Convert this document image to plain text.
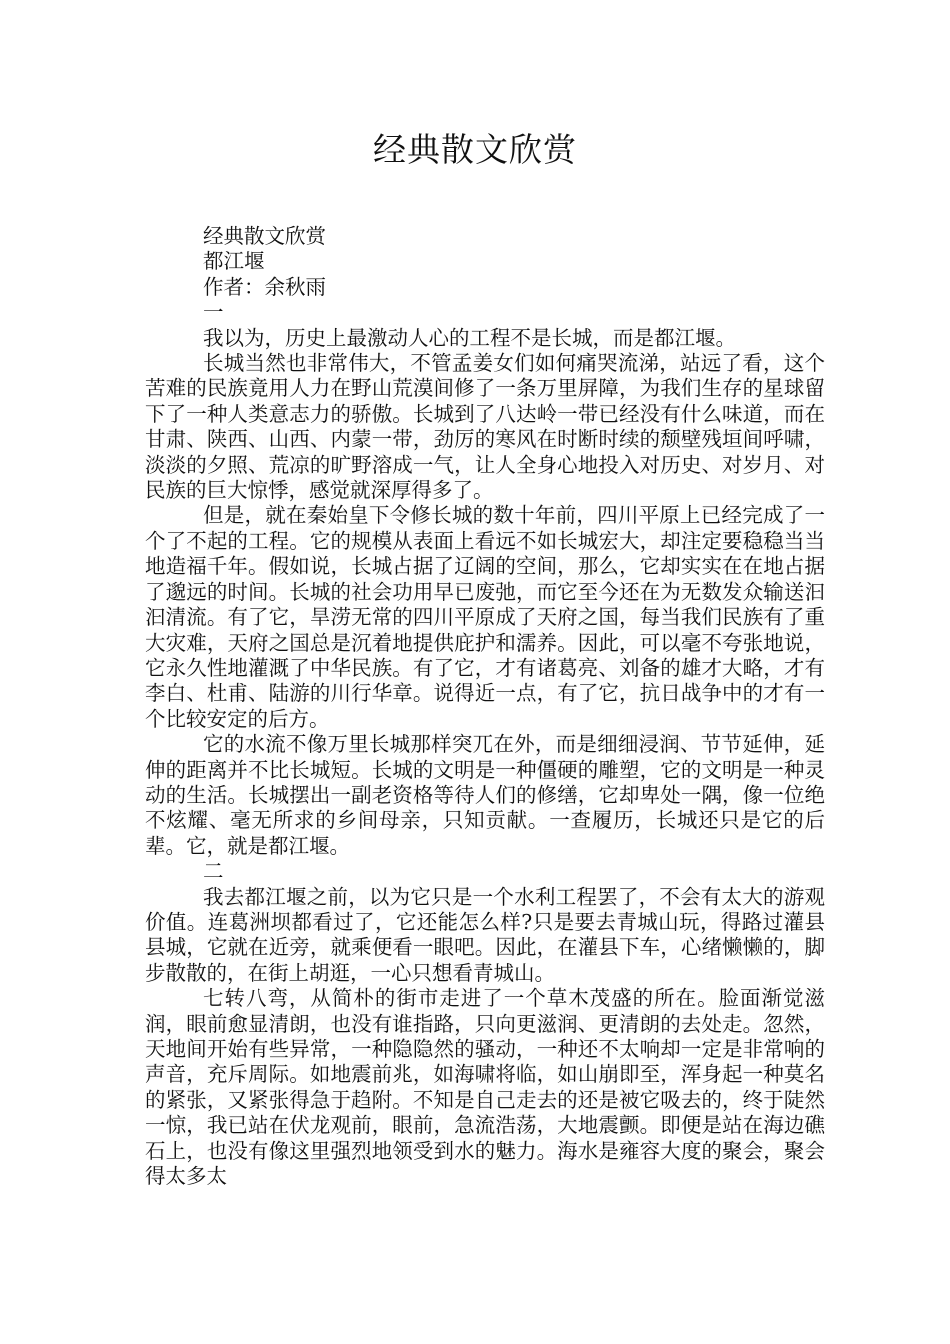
经典散文欣赏

经典散文欣赏

都江堰

作者：余秋雨

一

我以为，历史上最激动人心的工程不是长城，而是都江堰。

长城当然也非常伟大，不管孟姜女们如何痛哭流涕，站远了看，这个苦难的民族竟用人力在野山荒漠间修了一条万里屏障，为我们生存的星球留下了一种人类意志力的骄傲。长城到了八达岭一带已经没有什么味道，而在甘肃、陕西、山西、内蒙一带，劲厉的寒风在时断时续的颓壁残垣间呼啸，淡淡的夕照、荒凉的旷野溶成一气，让人全身心地投入对历史、对岁月、对民族的巨大惊悸，感觉就深厚得多了。

但是，就在秦始皇下令修长城的数十年前，四川平原上已经完成了一个了不起的工程。它的规模从表面上看远不如长城宏大，却注定要稳稳当当地造福千年。假如说，长城占据了辽阔的空间，那么，它却实实在在地占据了邈远的时间。长城的社会功用早已废弛，而它至今还在为无数发众输送汩汩清流。有了它，旱涝无常的四川平原成了天府之国，每当我们民族有了重大灾难，天府之国总是沉着地提供庇护和濡养。因此，可以毫不夸张地说，它永久性地灌溉了中华民族。有了它，才有诸葛亮、刘备的雄才大略，才有李白、杜甫、陆游的川行华章。说得近一点，有了它，抗日战争中的才有一个比较安定的后方。

它的水流不像万里长城那样突兀在外，而是细细浸润、节节延伸，延伸的距离并不比长城短。长城的文明是一种僵硬的雕塑，它的文明是一种灵动的生活。长城摆出一副老资格等待人们的修缮，它却卑处一隅，像一位绝不炫耀、毫无所求的乡间母亲，只知贡献。一查履历，长城还只是它的后辈。它，就是都江堰。

二

我去都江堰之前，以为它只是一个水利工程罢了，不会有太大的游观价值。连葛洲坝都看过了，它还能怎么样?只是要去青城山玩，得路过灌县县城，它就在近旁，就乘便看一眼吧。因此，在灌县下车，心绪懒懒的，脚步散散的，在街上胡逛，一心只想看青城山。

七转八弯，从简朴的街市走进了一个草木茂盛的所在。脸面渐觉滋润，眼前愈显清朗，也没有谁指路，只向更滋润、更清朗的去处走。忽然，天地间开始有些异常，一种隐隐然的骚动，一种还不太响却一定是非常响的声音，充斥周际。如地震前兆，如海啸将临，如山崩即至，浑身起一种莫名的紧张，又紧张得急于趋附。不知是自己走去的还是被它吸去的，终于陡然一惊，我已站在伏龙观前，眼前，急流浩荡，大地震颤。即便是站在海边礁石上，也没有像这里强烈地领受到水的魅力。海水是雍容大度的聚会，聚会得太多太
